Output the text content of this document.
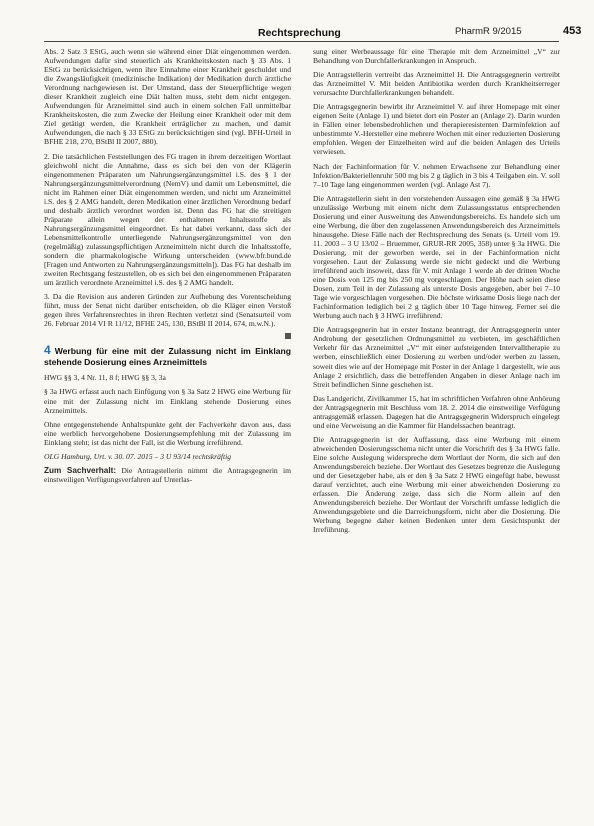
Rechtsprechung	PharmR 9/2015	453

Abs. 2 Satz 3 EStG, auch wenn sie während einer Diät eingenommen werden. Aufwendungen dafür sind steuerlich als Krankheitskosten nach § 33 Abs. 1 EStG zu berücksichtigen, wenn ihre Einnahme einer Krankheit geschuldet und die Zwangsläufigkeit (medizinische Indikation) der Medikation durch ärztliche Verordnung nachgewiesen ist. Der Umstand, dass der Steuerpflichtige wegen dieser Krankheit zugleich eine Diät halten muss, steht dem nicht entgegen. Aufwendungen für Arzneimittel sind auch in einem solchen Fall unmittelbar Krankheitskosten, die zum Zwecke der Heilung einer Krankheit oder mit dem Ziel getätigt werden, die Krankheit erträglicher zu machen, und damit Aufwendungen, die nach § 33 EStG zu berücksichtigen sind (vgl. BFH-Urteil in BFHE 218, 270, BStBl II 2007, 880).

2. Die tatsächlichen Feststellungen des FG tragen in ihrem derzeitigen Wortlaut gleichwohl nicht die Annahme, dass es sich bei den von der Klägerin eingenommenen Präparaten um Nahrungsergänzungsmittel i.S. des § 1 der Nahrungsergänzungsmittelverordnung (NemV) und damit um Lebensmittel, die nicht im Rahmen einer Diät eingenommen werden, und nicht um Arzneimittel i.S. des § 2 AMG handelt, deren Medikation einer ärztlichen Verordnung bedarf und deshalb ärztlich verordnet worden ist. Denn das FG hat die streitigen Präparate allein wegen der enthaltenen Inhaltsstoffe als Nahrungsergänzungsmittel eingeordnet. Es hat dabei verkannt, dass sich der Lebensmittelkontrolle unterliegende Nahrungsergänzungsmittel von den (regelmäßig) zulassungspflichtigen Arzneimitteln nicht durch die Inhaltsstoffe, sondern die pharmakologische Wirkung unterscheiden (www.bfr.bund.de [Fragen und Antworten zu Nahrungsergänzungsmitteln]). Das FG hat deshalb im zweiten Rechtsgang festzustellen, ob es sich bei den eingenommenen Präparaten um ärztlich verordnete Arzneimittel i.S. des § 2 AMG handelt.

3. Da die Revision aus anderen Gründen zur Aufhebung des Vorentscheidung führt, muss der Senat nicht darüber entscheiden, ob die Kläger einen Verstoß gegen ihres Verfahrensrechtes in ihren Rechten verletzt sind (Senatsurteil vom 26. Februar 2014 VI R 11/12, BFHE 245, 130, BStBl II 2014, 674, m.w.N.).

4 Werbung für eine mit der Zulassung nicht im Einklang stehende Dosierung eines Arzneimittels

HWG §§ 3, 4 Nr. 11, 8 f; HWG §§ 3, 3a

§ 3a HWG erfasst auch nach Einfügung von § 3a Satz 2 HWG eine Werbung für eine mit der Zulassung nicht im Einklang stehende Dosierung eines Arzneimittels.

Ohne entgegenstehende Anhaltspunkte geht der Fachverkehr davon aus, dass eine werblich hervorgehobene Dosierungsempfehlung mit der Zulassung im Einklang steht; ist das nicht der Fall, ist die Werbung irreführend.

OLG Hamburg, Urt. v. 30. 07. 2015 – 3 U 93/14 rechtskräftig

Zum Sachverhalt: Die Antragstellerin nimmt die Antragsgegnerin im einstweiligen Verfügungsverfahren auf Unterlas-

sung einer Werbeaussage für eine Therapie mit dem Arzneimittel „V“ zur Behandlung von Durchfallerkrankungen in Anspruch.

Die Antragstellerin vertreibt das Arzneimittel H. Die Antragsgegnerin vertreibt das Arzneimittel V. Mit beiden Antibiotika werden durch Krankheitserreger verursachte Durchfallerkrankungen behandelt.

Die Antragsgegnerin bewirbt ihr Arzneimittel V. auf ihrer Homepage mit einer eigenen Seite (Anlage 1) und bietet dort ein Poster an (Anlage 2). Darin wurden in Fällen einer lebensbedrohlichen und therapieresistenten Darminfektion auf unbestimmte V.-Hersteller eine mehrere Wochen mit einer reduzierten Dosierung empfohlen. Wegen der Einzelheiten wird auf die beiden Anlagen des Urteils verwiesen.

Nach der Fachinformation für V. nehmen Erwachsene zur Behandlung einer Infektion/Bakteriellenruhr 500 mg bis 2 g täglich in 3 bis 4 Teilgaben ein. V. soll 7–10 Tage lang eingenommen werden (vgl. Anlage Ast 7).

Die Antragstellerin sieht in den vorstehenden Aussagen eine gemäß § 3a HWG unzulässige Werbung mit einem nicht dem Zulassungsstatus entsprechenden Dosierung und einer Ausweitung des Anwendungsbereichs. Es handele sich um eine Werbung, die über den zugelassenen Anwendungsbereich des Arzneimittels hinausgehe. Diese Fälle nach der Rechtsprechung des Senats (s. Urteil vom 19. 11. 2003 – 3 U 13/02 – Bruemmer, GRUR-RR 2005, 358) unter § 3a HWG. Die Dosierung, mit der geworben werde, sei in der Fachinformation nicht vorgesehen. Laut der Zulassung werde sie nicht gedeckt und die Werbung irreführend auch insoweit, dass für V. mit Anlage 1 werde ab der dritten Woche eine Dosis von 125 mg bis 250 mg vorgeschlagen. Der Höhe nach seien diese Dosen, zum Teil in der Zulassung als unterste Dosis angegeben, aber bei 7–10 Tage wie vorgeschlagen vorgesehen. Die höchste wirksame Dosis liege nach der Fachinformation lediglich bei 2 g täglich über 10 Tage hinweg. Ferner sei die Werbung auch nach § 3 HWG irreführend.

Die Antragsgegnerin hat in erster Instanz beantragt, der Antragsgegnerin unter Androhung der gesetzlichen Ordnungsmittel zu verbieten, im geschäftlichen Verkehr für das Arzneimittel „V“ mit einer aufsteigenden Intervalltherapie zu werben, einschließlich einer Dosierung zu werben und/oder werben zu lassen, soweit dies wie auf der Homepage mit Poster in der Anlage 1 dargestellt, wie aus Anlage 2 ersichtlich, dass die betreffenden Angaben in dieser Anlage nach im Streit befindlichen Sinne geschehen ist.

Das Landgericht, Zivilkammer 15, hat im schriftlichen Verfahren ohne Anhörung der Antragsgegnerin mit Beschluss vom 18. 2. 2014 die einstweilige Verfügung antragsgemäß erlassen. Dagegen hat die Antragsgegnerin Widerspruch eingelegt und eine Verweisung an die Kammer für Handelssachen beantragt.

Die Antragsgegnerin ist der Auffassung, dass eine Werbung mit einem abweichenden Dosierungsschema nicht unter die Vorschrift des § 3a HWG falle. Eine solche Auslegung widerspreche dem Wortlaut der Norm, die sich auf den Anwendungsbereich beziehe. Der Wortlaut des Gesetzes begrenze die Auslegung und der Gesetzgeber habe, als er den § 3a Satz 2 HWG eingefügt habe, bewusst darauf verzichtet, auch eine Werbung mit einer abweichenden Dosierung zu erfassen. Die Änderung zeige, dass sich die Norm allein auf den Anwendungsbereich beziehe. Der Wortlaut der Vorschrift umfasse lediglich die Anwendungsgebiete und die Darreichungsform, nicht aber die Dosierung. Die Werbung begegne daher keinen Bedenken unter dem Gesichtspunkt der Irreführung.
